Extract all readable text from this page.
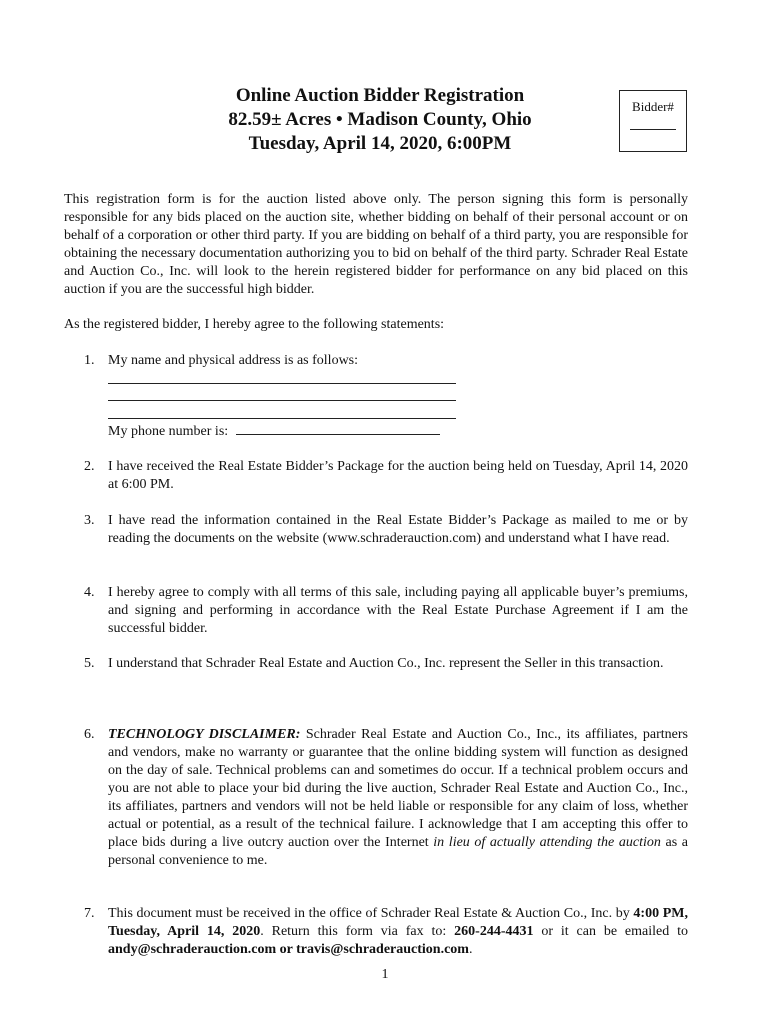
Online Auction Bidder Registration
82.59± Acres • Madison County, Ohio
Tuesday, April 14, 2020, 6:00PM
Bidder#
This registration form is for the auction listed above only. The person signing this form is personally responsible for any bids placed on the auction site, whether bidding on behalf of their personal account or on behalf of a corporation or other third party. If you are bidding on behalf of a third party, you are responsible for obtaining the necessary documentation authorizing you to bid on behalf of the third party. Schrader Real Estate and Auction Co., Inc. will look to the herein registered bidder for performance on any bid placed on this auction if you are the successful high bidder.
As the registered bidder, I hereby agree to the following statements:
1. My name and physical address is as follows:
My phone number is:
2. I have received the Real Estate Bidder’s Package for the auction being held on Tuesday, April 14, 2020 at 6:00 PM.
3. I have read the information contained in the Real Estate Bidder’s Package as mailed to me or by reading the documents on the website (www.schraderauction.com) and understand what I have read.
4. I hereby agree to comply with all terms of this sale, including paying all applicable buyer’s premiums, and signing and performing in accordance with the Real Estate Purchase Agreement if I am the successful bidder.
5. I understand that Schrader Real Estate and Auction Co., Inc. represent the Seller in this transaction.
6. TECHNOLOGY DISCLAIMER: Schrader Real Estate and Auction Co., Inc., its affiliates, partners and vendors, make no warranty or guarantee that the online bidding system will function as designed on the day of sale. Technical problems can and sometimes do occur. If a technical problem occurs and you are not able to place your bid during the live auction, Schrader Real Estate and Auction Co., Inc., its affiliates, partners and vendors will not be held liable or responsible for any claim of loss, whether actual or potential, as a result of the technical failure. I acknowledge that I am accepting this offer to place bids during a live outcry auction over the Internet in lieu of actually attending the auction as a personal convenience to me.
7. This document must be received in the office of Schrader Real Estate & Auction Co., Inc. by 4:00 PM, Tuesday, April 14, 2020. Return this form via fax to: 260-244-4431 or it can be emailed to andy@schraderauction.com or travis@schraderauction.com.
1
